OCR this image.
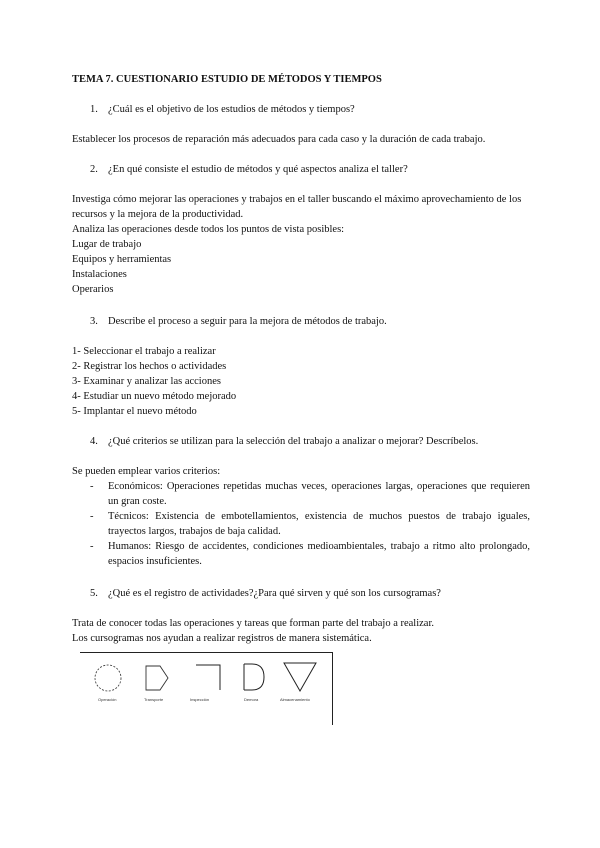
TEMA 7. CUESTIONARIO ESTUDIO DE MÉTODOS Y TIEMPOS
1. ¿Cuál es el objetivo de los estudios de métodos y tiempos?
Establecer los procesos de reparación más adecuados para cada caso y la duración de cada trabajo.
2. ¿En qué consiste el estudio de métodos y qué aspectos analiza el taller?
Investiga cómo mejorar las operaciones y trabajos en el taller buscando el máximo aprovechamiento de los recursos y la mejora de la productividad.
Analiza las operaciones desde todos los puntos de vista posibles:
Lugar de trabajo
Equipos y herramientas
Instalaciones
Operarios
3. Describe el proceso a seguir para la mejora de métodos de trabajo.
1- Seleccionar el trabajo a realizar
2- Registrar los hechos o actividades
3- Examinar y analizar las acciones
4- Estudiar un nuevo método mejorado
5- Implantar el nuevo método
4. ¿Qué criterios se utilizan para la selección del trabajo a analizar o mejorar? Descríbelos.
Se pueden emplear varios criterios:
- Económicos: Operaciones repetidas muchas veces, operaciones largas, operaciones que requieren un gran coste.
- Técnicos: Existencia de embotellamientos, existencia de muchos puestos de trabajo iguales, trayectos largos, trabajos de baja calidad.
- Humanos: Riesgo de accidentes, condiciones medioambientales, trabajo a ritmo alto prolongado, espacios insuficientes.
5. ¿Qué es el registro de actividades?¿Para qué sirven y qué son los cursogramas?
Trata de conocer todas las operaciones y tareas que forman parte del trabajo a realizar.
Los cursogramas nos ayudan a realizar registros de manera sistemática.
Operación	Transporte	Inspección	Demora	Almacenamiento
